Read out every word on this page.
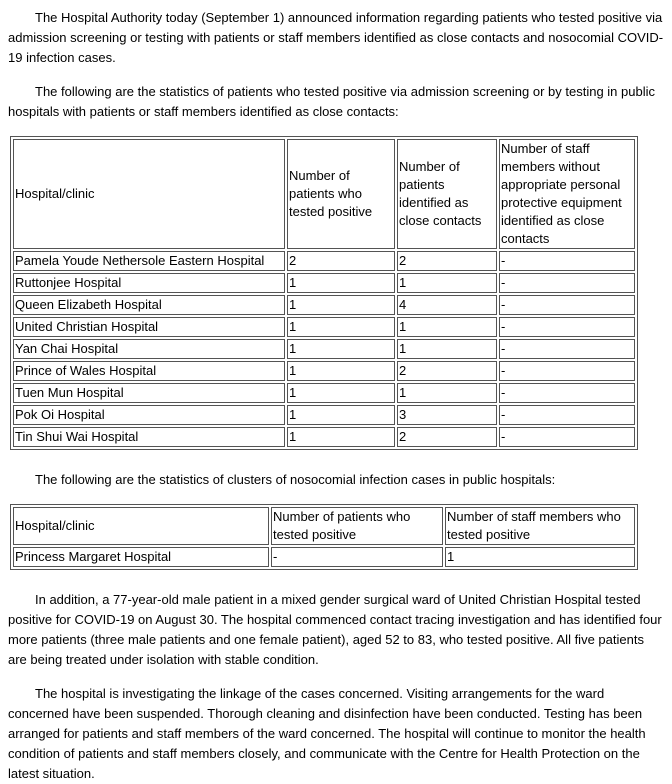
The Hospital Authority today (September 1) announced information regarding patients who tested positive via admission screening or testing with patients or staff members identified as close contacts and nosocomial COVID-19 infection cases.

The following are the statistics of patients who tested positive via admission screening or by testing in public hospitals with patients or staff members identified as close contacts:

Hospital/clinic	Number of patients who tested positive	Number of patients identified as close contacts	Number of staff members without appropriate personal protective equipment identified as close contacts
Pamela Youde Nethersole Eastern Hospital	2	2	-
Ruttonjee Hospital	1	1	-
Queen Elizabeth Hospital	1	4	-
United Christian Hospital	1	1	-
Yan Chai Hospital	1	1	-
Prince of Wales Hospital	1	2	-
Tuen Mun Hospital	1	1	-
Pok Oi Hospital	1	3	-
Tin Shui Wai Hospital	1	2	-

The following are the statistics of clusters of nosocomial infection cases in public hospitals:

Hospital/clinic	Number of patients who tested positive	Number of staff members who tested positive
Princess Margaret Hospital	-	1

In addition, a 77-year-old male patient in a mixed gender surgical ward of United Christian Hospital tested positive for COVID-19 on August 30. The hospital commenced contact tracing investigation and has identified four more patients (three male patients and one female patient), aged 52 to 83, who tested positive. All five patients are being treated under isolation with stable condition.

The hospital is investigating the linkage of the cases concerned. Visiting arrangements for the ward concerned have been suspended. Thorough cleaning and disinfection have been conducted. Testing has been arranged for patients and staff members of the ward concerned. The hospital will continue to monitor the health condition of patients and staff members closely, and communicate with the Centre for Health Protection on the latest situation.
